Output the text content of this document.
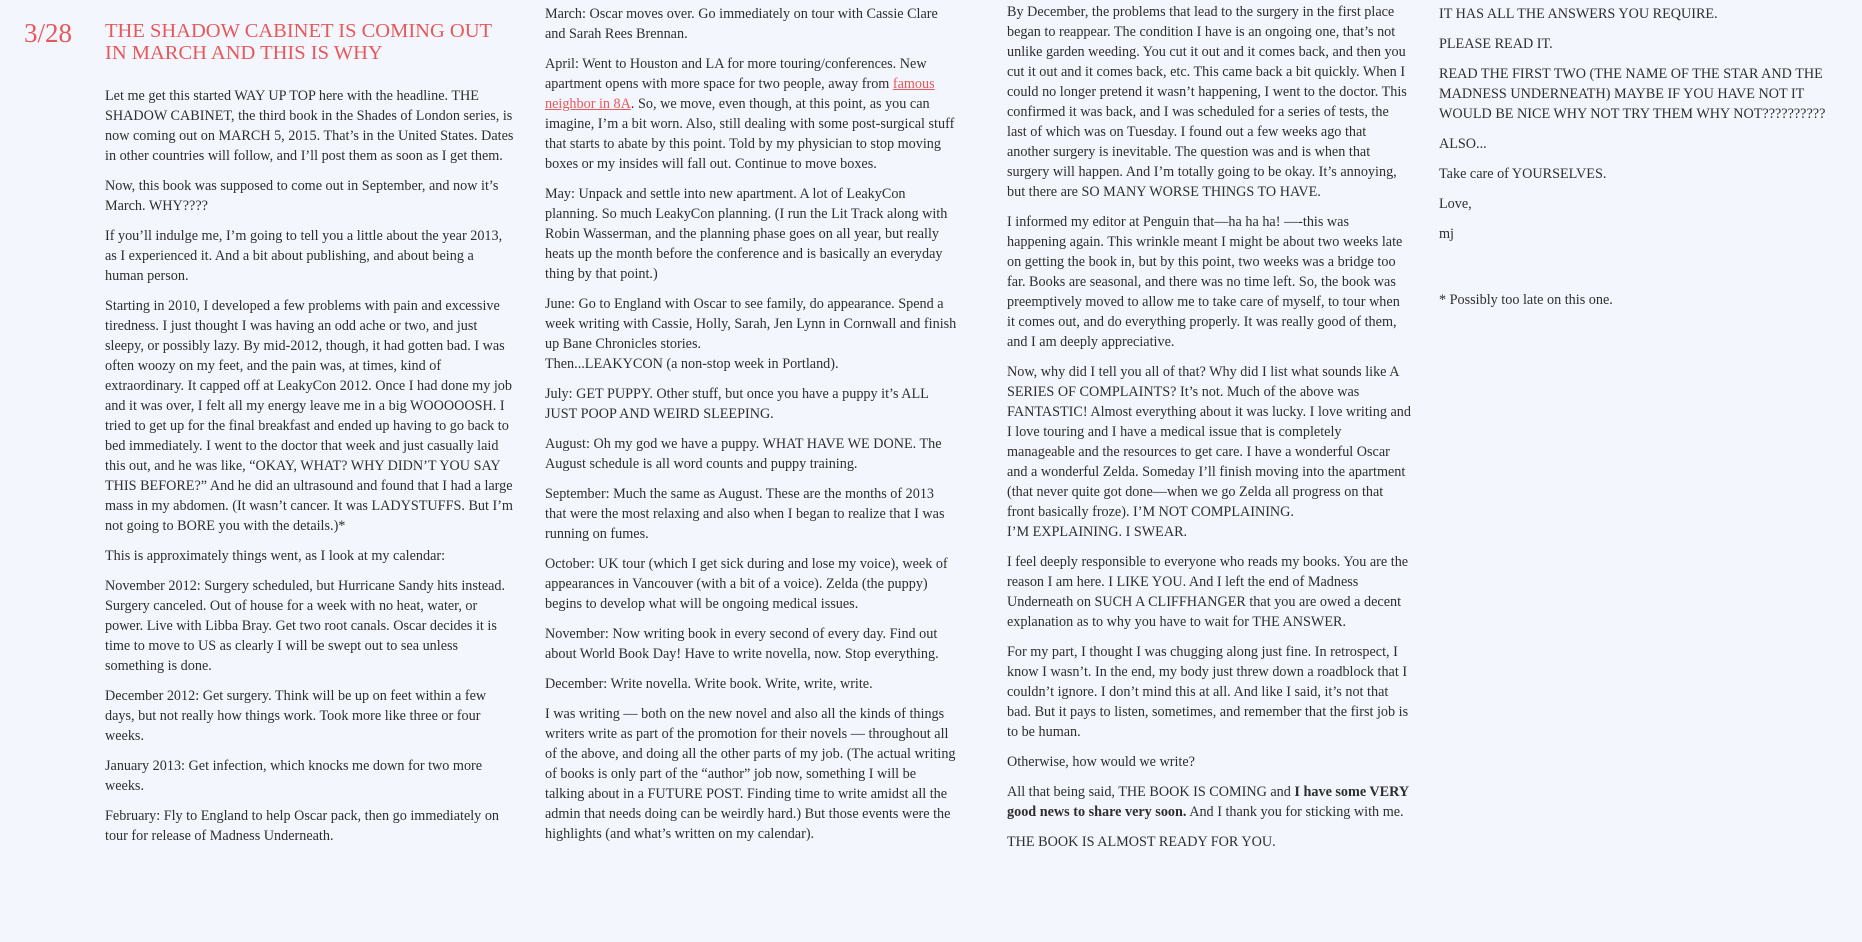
3/28 THE SHADOW CABINET IS COMING OUT IN MARCH AND THIS IS WHY

Let me get this started WAY UP TOP here with the headline. THE SHADOW CABINET, the third book in the Shades of London series, is now coming out on MARCH 5, 2015. That’s in the United States. Dates in other countries will follow, and I’ll post them as soon as I get them.

Now, this book was supposed to come out in September, and now it’s March. WHY????

If you’ll indulge me, I’m going to tell you a little about the year 2013, as I experienced it. And a bit about publishing, and about being a human person.

Starting in 2010, I developed a few problems with pain and excessive tiredness. I just thought I was having an odd ache or two, and just sleepy, or possibly lazy. By mid-2012, though, it had gotten bad. I was often woozy on my feet, and the pain was, at times, kind of extraordinary. It capped off at LeakyCon 2012. Once I had done my job and it was over, I felt all my energy leave me in a big WOOOOOSH. I tried to get up for the final breakfast and ended up having to go back to bed immediately. I went to the doctor that week and just casually laid this out, and he was like, “OKAY, WHAT? WHY DIDN’T YOU SAY THIS BEFORE?” And he did an ultrasound and found that I had a large mass in my abdomen. (It wasn’t cancer. It was LADYSTUFFS. But I’m not going to BORE you with the details.)*

This is approximately things went, as I look at my calendar:

November 2012: Surgery scheduled, but Hurricane Sandy hits instead. Surgery canceled. Out of house for a week with no heat, water, or power. Live with Libba Bray. Get two root canals. Oscar decides it is time to move to US as clearly I will be swept out to sea unless something is done.

December 2012: Get surgery. Think will be up on feet within a few days, but not really how things work. Took more like three or four weeks.

January 2013: Get infection, which knocks me down for two more weeks.

February: Fly to England to help Oscar pack, then go immediately on tour for release of Madness Underneath.

March: Oscar moves over. Go immediately on tour with Cassie Clare and Sarah Rees Brennan.

April: Went to Houston and LA for more touring/conferences. New apartment opens with more space for two people, away from famous neighbor in 8A. So, we move, even though, at this point, as you can imagine, I’m a bit worn. Also, still dealing with some post-surgical stuff that starts to abate by this point. Told by my physician to stop moving boxes or my insides will fall out. Continue to move boxes.

May: Unpack and settle into new apartment. A lot of LeakyCon planning. So much LeakyCon planning. (I run the Lit Track along with Robin Wasserman, and the planning phase goes on all year, but really heats up the month before the conference and is basically an everyday thing by that point.)

June: Go to England with Oscar to see family, do appearance. Spend a week writing with Cassie, Holly, Sarah, Jen Lynn in Cornwall and finish up Bane Chronicles stories.
Then...LEAKYCON (a non-stop week in Portland).

July: GET PUPPY. Other stuff, but once you have a puppy it’s ALL JUST POOP AND WEIRD SLEEPING.

August: Oh my god we have a puppy. WHAT HAVE WE DONE. The August schedule is all word counts and puppy training.

September: Much the same as August. These are the months of 2013 that were the most relaxing and also when I began to realize that I was running on fumes.

October: UK tour (which I get sick during and lose my voice), week of appearances in Vancouver (with a bit of a voice). Zelda (the puppy) begins to develop what will be ongoing medical issues.

November: Now writing book in every second of every day. Find out about World Book Day! Have to write novella, now. Stop everything.

December: Write novella. Write book. Write, write, write.

I was writing — both on the new novel and also all the kinds of things writers write as part of the promotion for their novels — throughout all of the above, and doing all the other parts of my job. (The actual writing of books is only part of the “author” job now, something I will be talking about in a FUTURE POST. Finding time to write amidst all the admin that needs doing can be weirdly hard.) But those events were the highlights (and what’s written on my calendar).

By December, the problems that lead to the surgery in the first place began to reappear. The condition I have is an ongoing one, that’s not unlike garden weeding. You cut it out and it comes back, and then you cut it out and it comes back, etc. This came back a bit quickly. When I could no longer pretend it wasn’t happening, I went to the doctor. This confirmed it was back, and I was scheduled for a series of tests, the last of which was on Tuesday. I found out a few weeks ago that another surgery is inevitable. The question was and is when that surgery will happen. And I’m totally going to be okay. It’s annoying, but there are SO MANY WORSE THINGS TO HAVE.

I informed my editor at Penguin that—ha ha ha! —-this was happening again. This wrinkle meant I might be about two weeks late on getting the book in, but by this point, two weeks was a bridge too far. Books are seasonal, and there was no time left. So, the book was preemptively moved to allow me to take care of myself, to tour when it comes out, and do everything properly. It was really good of them, and I am deeply appreciative.

Now, why did I tell you all of that? Why did I list what sounds like A SERIES OF COMPLAINTS? It’s not. Much of the above was FANTASTIC! Almost everything about it was lucky. I love writing and I love touring and I have a medical issue that is completely manageable and the resources to get care. I have a wonderful Oscar and a wonderful Zelda. Someday I’ll finish moving into the apartment (that never quite got done—when we go Zelda all progress on that front basically froze). I’M NOT COMPLAINING.
I’M EXPLAINING. I SWEAR.

I feel deeply responsible to everyone who reads my books. You are the reason I am here. I LIKE YOU. And I left the end of Madness Underneath on SUCH A CLIFFHANGER that you are owed a decent explanation as to why you have to wait for THE ANSWER.

For my part, I thought I was chugging along just fine. In retrospect, I know I wasn’t. In the end, my body just threw down a roadblock that I couldn’t ignore. I don’t mind this at all. And like I said, it’s not that bad. But it pays to listen, sometimes, and remember that the first job is to be human.

Otherwise, how would we write?

All that being said, THE BOOK IS COMING and I have some VERY good news to share very soon. And I thank you for sticking with me.

THE BOOK IS ALMOST READY FOR YOU.

IT HAS ALL THE ANSWERS YOU REQUIRE.

PLEASE READ IT.

READ THE FIRST TWO (THE NAME OF THE STAR AND THE MADNESS UNDERNEATH) MAYBE IF YOU HAVE NOT IT WOULD BE NICE WHY NOT TRY THEM WHY NOT??????????

ALSO...

Take care of YOURSELVES.

Love,

mj

* Possibly too late on this one.
